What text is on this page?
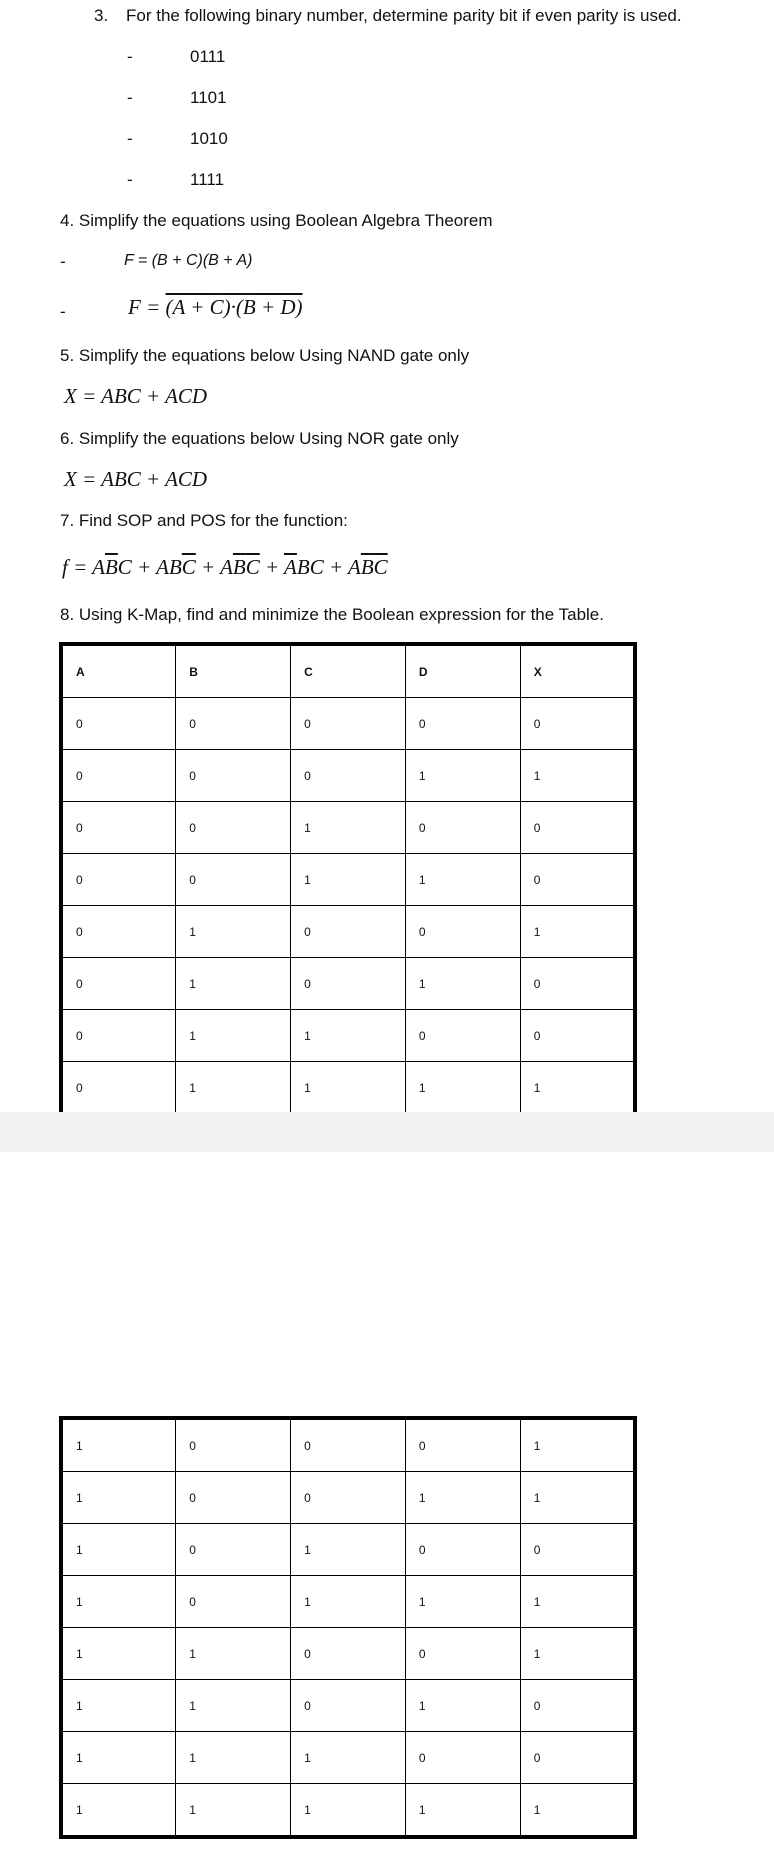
3. For the following binary number, determine parity bit if even parity is used.
-	0111
-	1101
-	1010
-	1111
4. Simplify the equations using Boolean Algebra Theorem
-	F = (B + C)(B + A)
-	F = (A + C)·(B + D)
5. Simplify the equations below Using NAND gate only
X = ABC + ACD
6. Simplify the equations below Using NOR gate only
X = ABC + ACD
7. Find SOP and POS for the function:
$f = A\overline{B}C + AB\overline{C} + A\overline{B}\overline{C} + \overline{A}BC + A\overline{B}\overline{C}$
8. Using K-Map, find and minimize the Boolean expression for the Table.
A	B	C	D	X
0	0	0	0	0
0	0	0	1	1
0	0	1	0	0
0	0	1	1	0
0	1	0	0	1
0	1	0	1	0
0	1	1	0	0
0	1	1	1	1
1	0	0	0	1
1	0	0	1	1
1	0	1	0	0
1	0	1	1	1
1	1	0	0	1
1	1	0	1	0
1	1	1	0	0
1	1	1	1	1
